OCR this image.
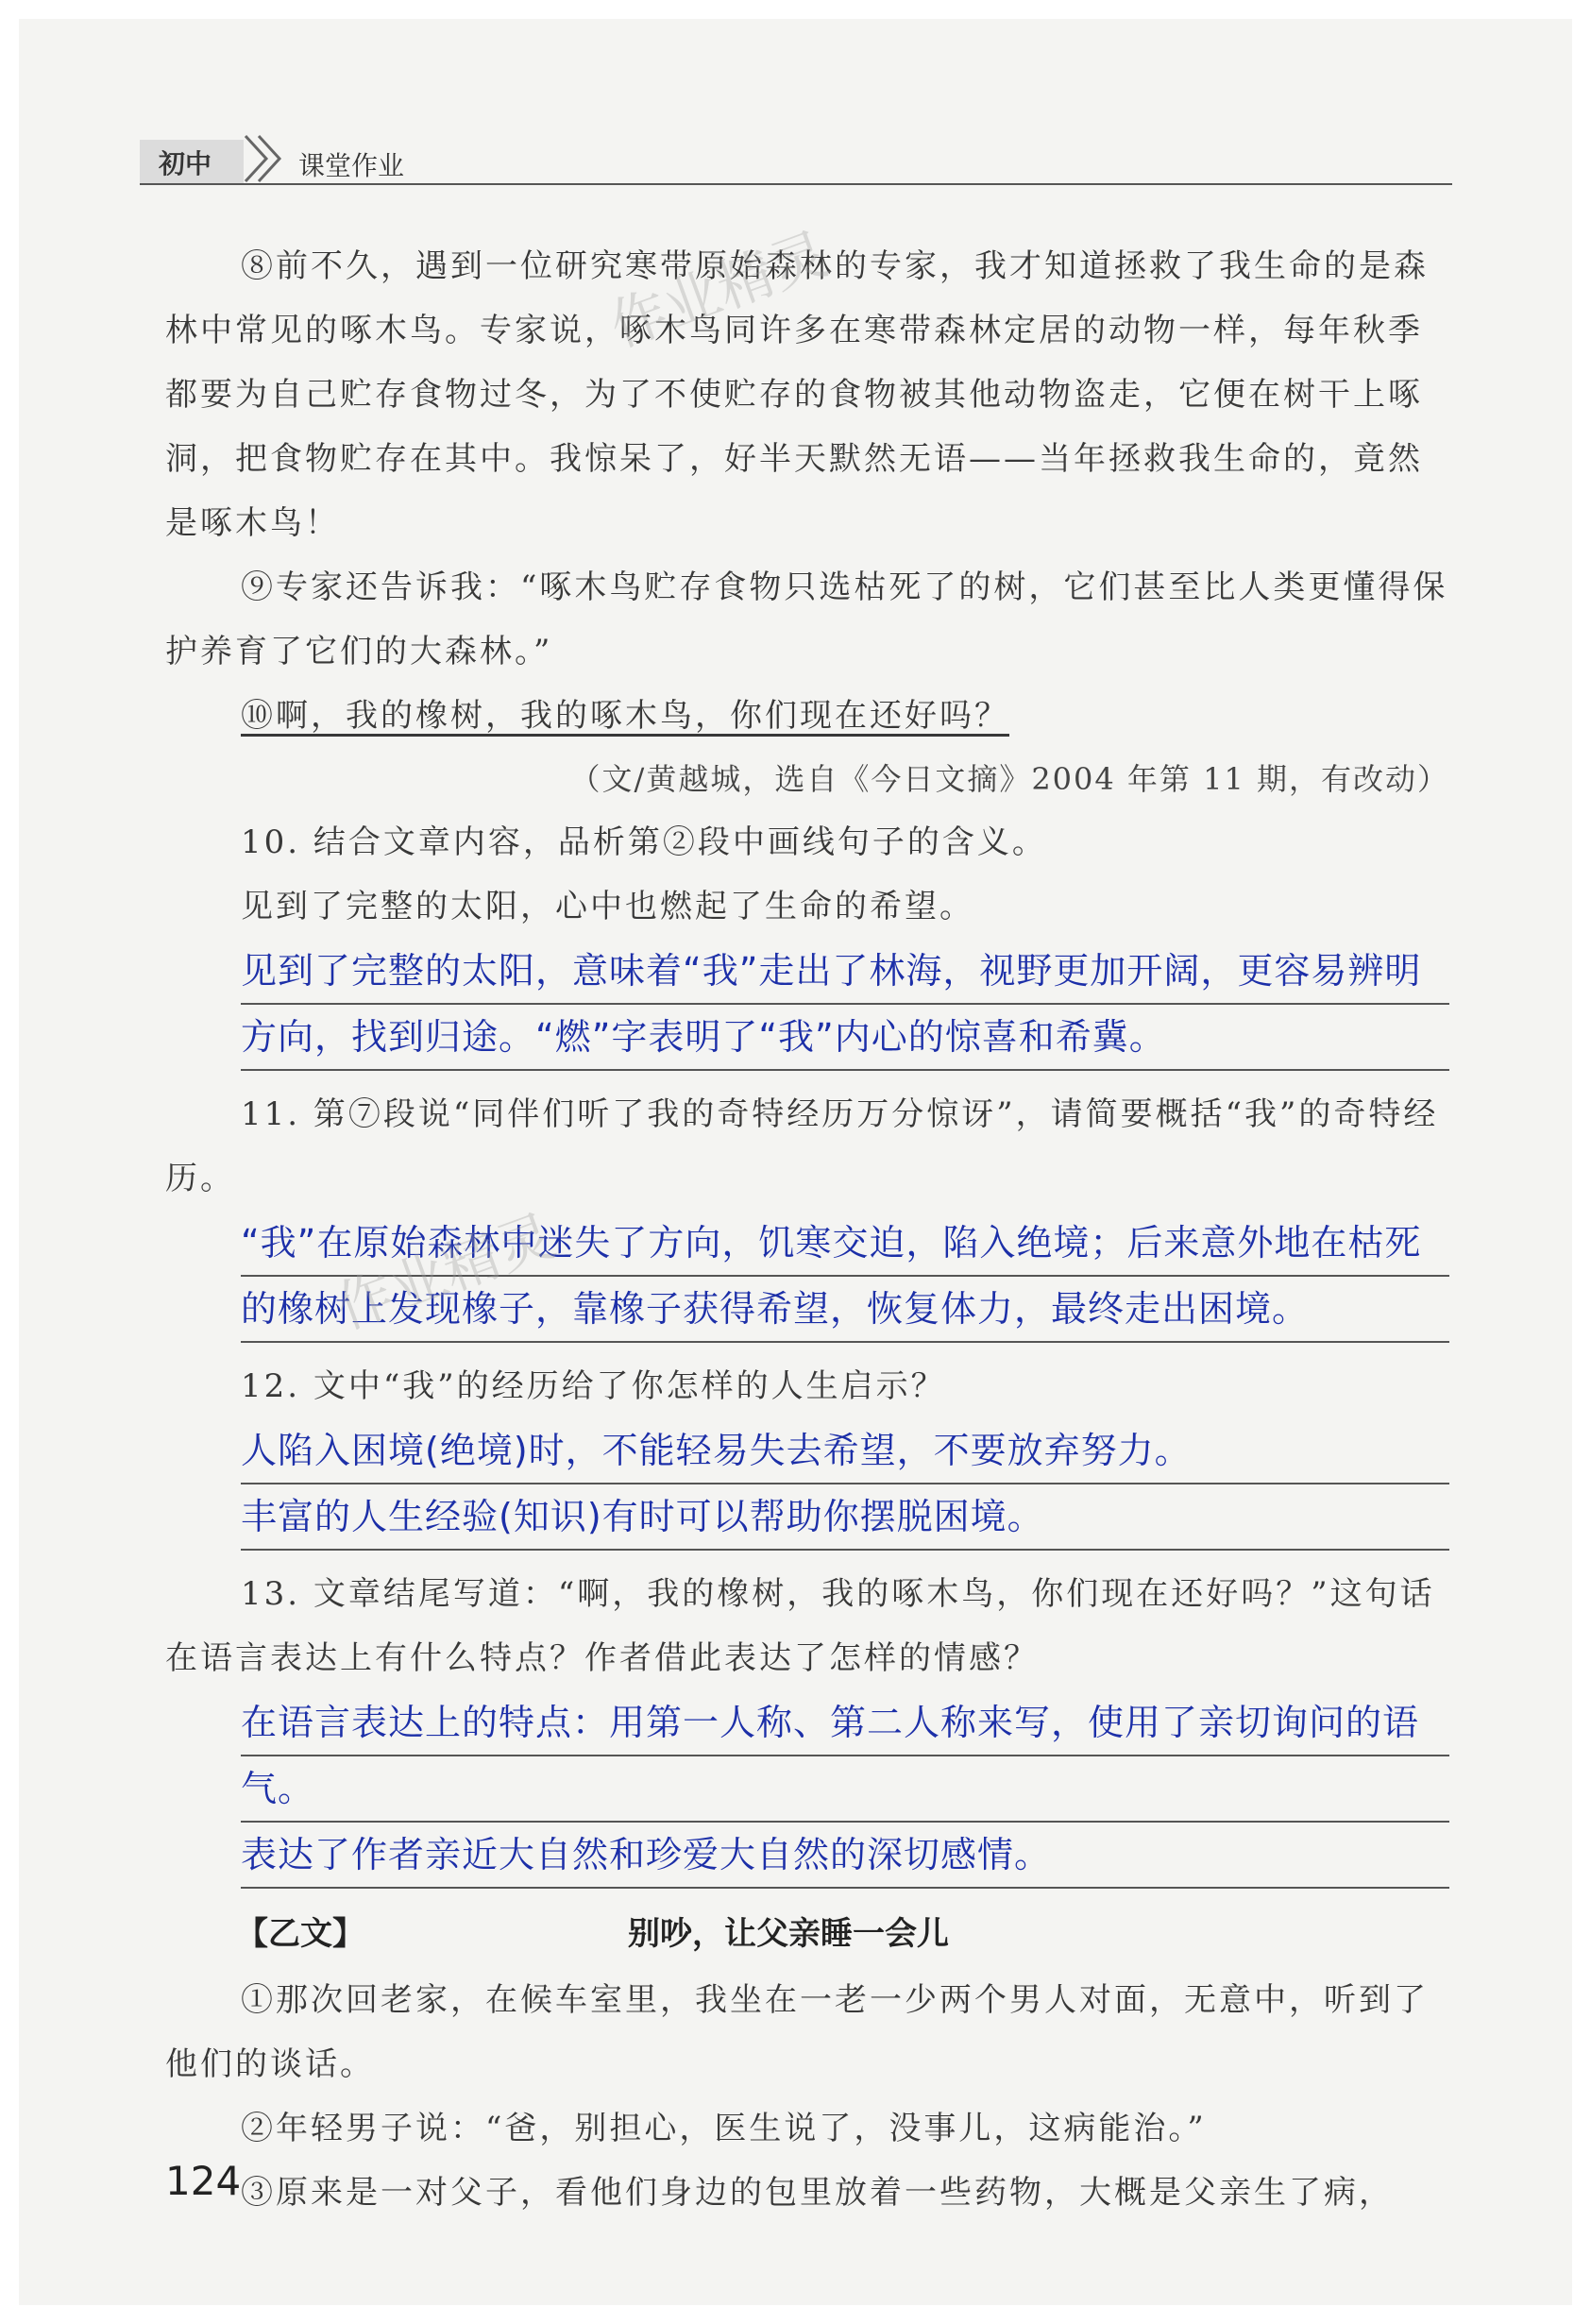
初中	课堂作业

⑧前不久，遇到一位研究寒带原始森林的专家，我才知道拯救了我生命的是森林中常见的啄木鸟。专家说，啄木鸟同许多在寒带森林定居的动物一样，每年秋季都要为自己贮存食物过冬，为了不使贮存的食物被其他动物盗走，它便在树干上啄洞，把食物贮存在其中。我惊呆了，好半天默然无语——当年拯救我生命的，竟然是啄木鸟！

⑨专家还告诉我：“啄木鸟贮存食物只选枯死了的树，它们甚至比人类更懂得保护养育了它们的大森林。”

⑩啊，我的橡树，我的啄木鸟，你们现在还好吗？

（文/黄越城，选自《今日文摘》2004 年第 11 期，有改动）

10. 结合文章内容，品析第②段中画线句子的含义。

见到了完整的太阳，心中也燃起了生命的希望。

见到了完整的太阳，意味着“我”走出了林海，视野更加开阔，更容易辨明
方向，找到归途。“燃”字表明了“我”内心的惊喜和希冀。

11. 第⑦段说“同伴们听了我的奇特经历万分惊讶”，请简要概括“我”的奇特经历。

“我”在原始森林中迷失了方向，饥寒交迫，陷入绝境；后来意外地在枯死
的橡树上发现橡子，靠橡子获得希望，恢复体力，最终走出困境。

12. 文中“我”的经历给了你怎样的人生启示？

人陷入困境(绝境)时，不能轻易失去希望，不要放弃努力。
丰富的人生经验(知识)有时可以帮助你摆脱困境。

13. 文章结尾写道：“啊，我的橡树，我的啄木鸟，你们现在还好吗？”这句话在语言表达上有什么特点？作者借此表达了怎样的情感？

在语言表达上的特点：用第一人称、第二人称来写，使用了亲切询问的语
气。
表达了作者亲近大自然和珍爱大自然的深切感情。
【乙文】	别吵，让父亲睡一会儿

①那次回老家，在候车室里，我坐在一老一少两个男人对面，无意中，听到了他们的谈话。

②年轻男子说：“爸，别担心，医生说了，没事儿，这病能治。”

③原来是一对父子，看他们身边的包里放着一些药物，大概是父亲生了病，

作业精灵
作业精灵
124
